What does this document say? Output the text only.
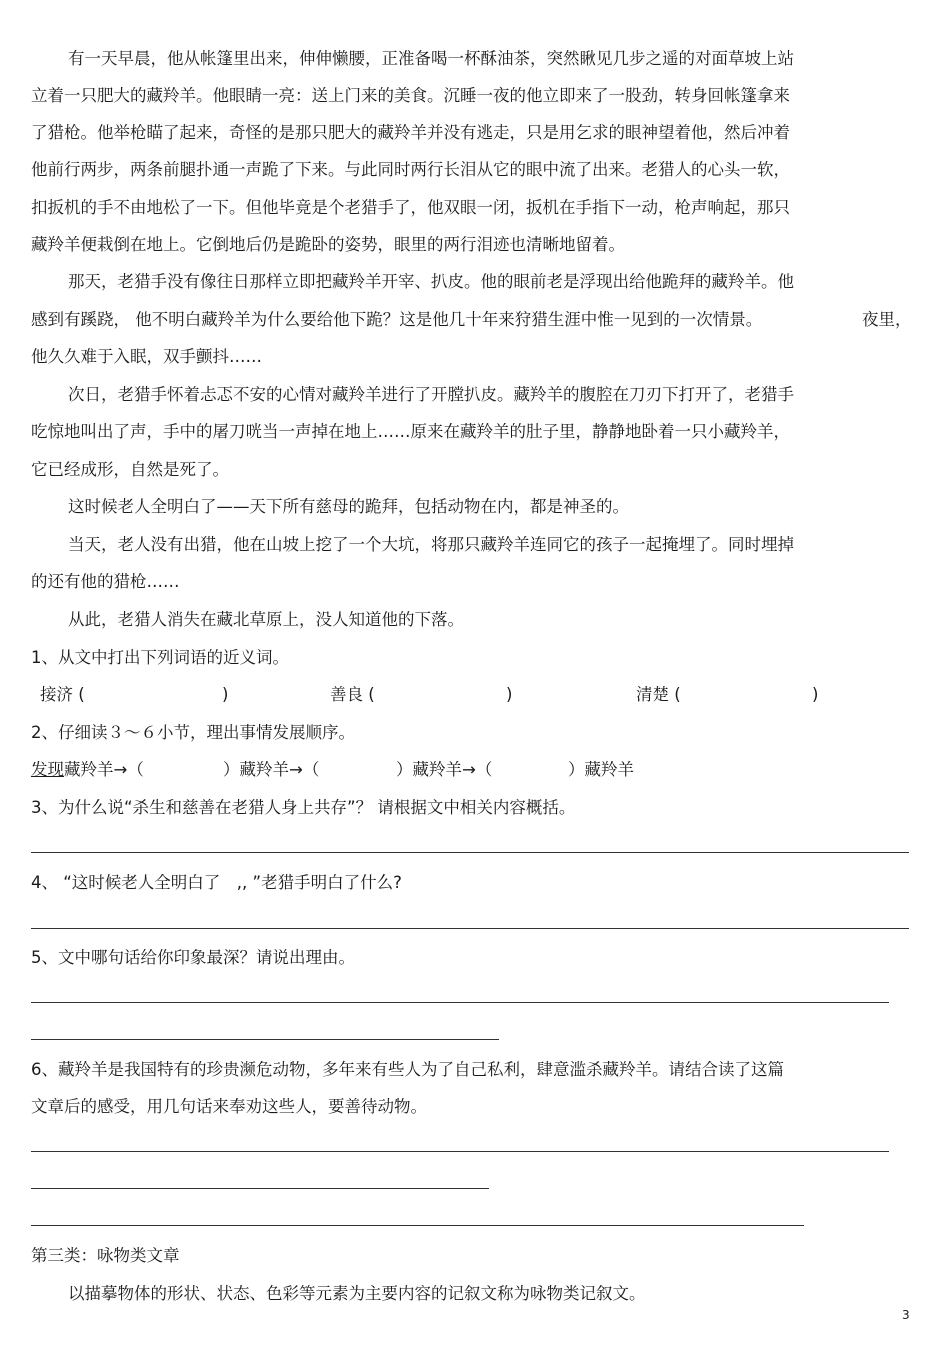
有一天早晨，他从帐篷里出来，伸伸懒腰，正准备喝一杯酥油茶，突然瞅见几步之遥的对面草坡上站
立着一只肥大的藏羚羊。他眼睛一亮：送上门来的美食。沉睡一夜的他立即来了一股劲，转身回帐篷拿来
了猎枪。他举枪瞄了起来，奇怪的是那只肥大的藏羚羊并没有逃走，只是用乞求的眼神望着他，然后冲着
他前行两步，两条前腿扑通一声跪了下来。与此同时两行长泪从它的眼中流了出来。老猎人的心头一软，
扣扳机的手不由地松了一下。但他毕竟是个老猎手了，他双眼一闭，扳机在手指下一动，枪声响起，那只
藏羚羊便栽倒在地上。它倒地后仍是跪卧的姿势，眼里的两行泪迹也清晰地留着。
那天，老猎手没有像往日那样立即把藏羚羊开宰、扒皮。他的眼前老是浮现出给他跪拜的藏羚羊。他
感到有蹊跷， 他不明白藏羚羊为什么要给他下跪？这是他几十年来狩猎生涯中惟一见到的一次情景。	夜里，
他久久难于入眠，双手颤抖……
次日，老猎手怀着忐忑不安的心情对藏羚羊进行了开膛扒皮。藏羚羊的腹腔在刀刃下打开了，老猎手
吃惊地叫出了声，手中的屠刀咣当一声掉在地上……原来在藏羚羊的肚子里，静静地卧着一只小藏羚羊，
它已经成形，自然是死了。
这时候老人全明白了——天下所有慈母的跪拜，包括动物在内，都是神圣的。
当天，老人没有出猎，他在山坡上挖了一个大坑，将那只藏羚羊连同它的孩子一起掩埋了。同时埋掉
的还有他的猎枪……
从此，老猎人消失在藏北草原上，没人知道他的下落。
1、从文中打出下列词语的近义词。
接济 (	)	善良 (	)	清楚 (	)
2、仔细读３～６小节，理出事情发展顺序。
发现藏羚羊→（	）藏羚羊→（	）藏羚羊→（	）藏羚羊
3、为什么说“杀生和慈善在老猎人身上共存”？ 请根据文中相关内容概括。
4、 “这时候老人全明白了　,, ”老猎手明白了什么?
5、文中哪句话给你印象最深？请说出理由。
6、藏羚羊是我国特有的珍贵濒危动物，多年来有些人为了自己私利，肆意滥杀藏羚羊。请结合读了这篇
文章后的感受，用几句话来奉劝这些人，要善待动物。
第三类：咏物类文章
以描摹物体的形状、状态、色彩等元素为主要内容的记叙文称为咏物类记叙文。
3
